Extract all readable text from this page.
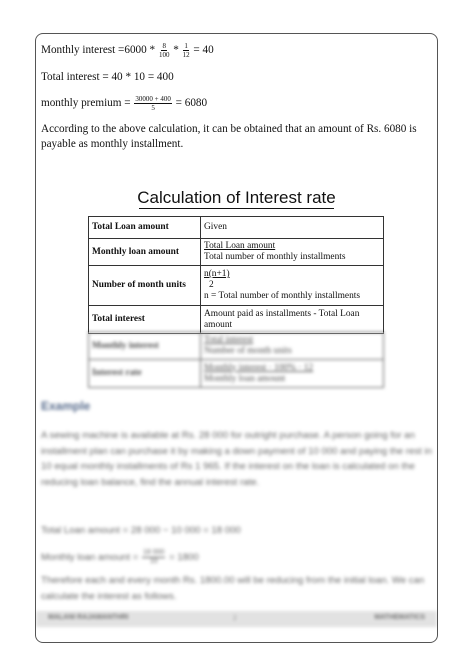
Monthly interest $=6000 * \frac{8}{100} * \frac{1}{12} = 40$
Total interest = 40 * 10 = 400
monthly premium = $\frac{30000 + 400}{5} = 6080$
According to the above calculation, it can be obtained that an amount of Rs. 6080 is payable as monthly installment.
Calculation of Interest rate
Total Loan amount	Given
Monthly loan amount	Total Loan amount
Total number of monthly installments

Number of month units	n(n+1)
2
n = Total number of monthly installments

Total interest	Amount paid as installments - Total Loan amount
Monthly interest	Total interest
Number of month units

Interest rate	Monthly interest · 100% · 12
Monthly loan amount
Example
A sewing machine is available at Rs. 28 000 for outright purchase. A person going for an installment plan can purchase it by making a down payment of 10 000 and paying the rest in 10 equal monthly installments of Rs 1 965. If the interest on the loan is calculated on the reducing loan balance, find the annual interest rate.
Total Loan amount = 28 000 − 10 000 = 18 000
Monthly loan amount = $\frac{18 000}{10} = 1800$
Therefore each and every month Rs. 1800.00 will be reducing from the initial loan. We can calculate the interest as follows.
MALANI RAJAMANTHRI	2	MATHEMATICS
